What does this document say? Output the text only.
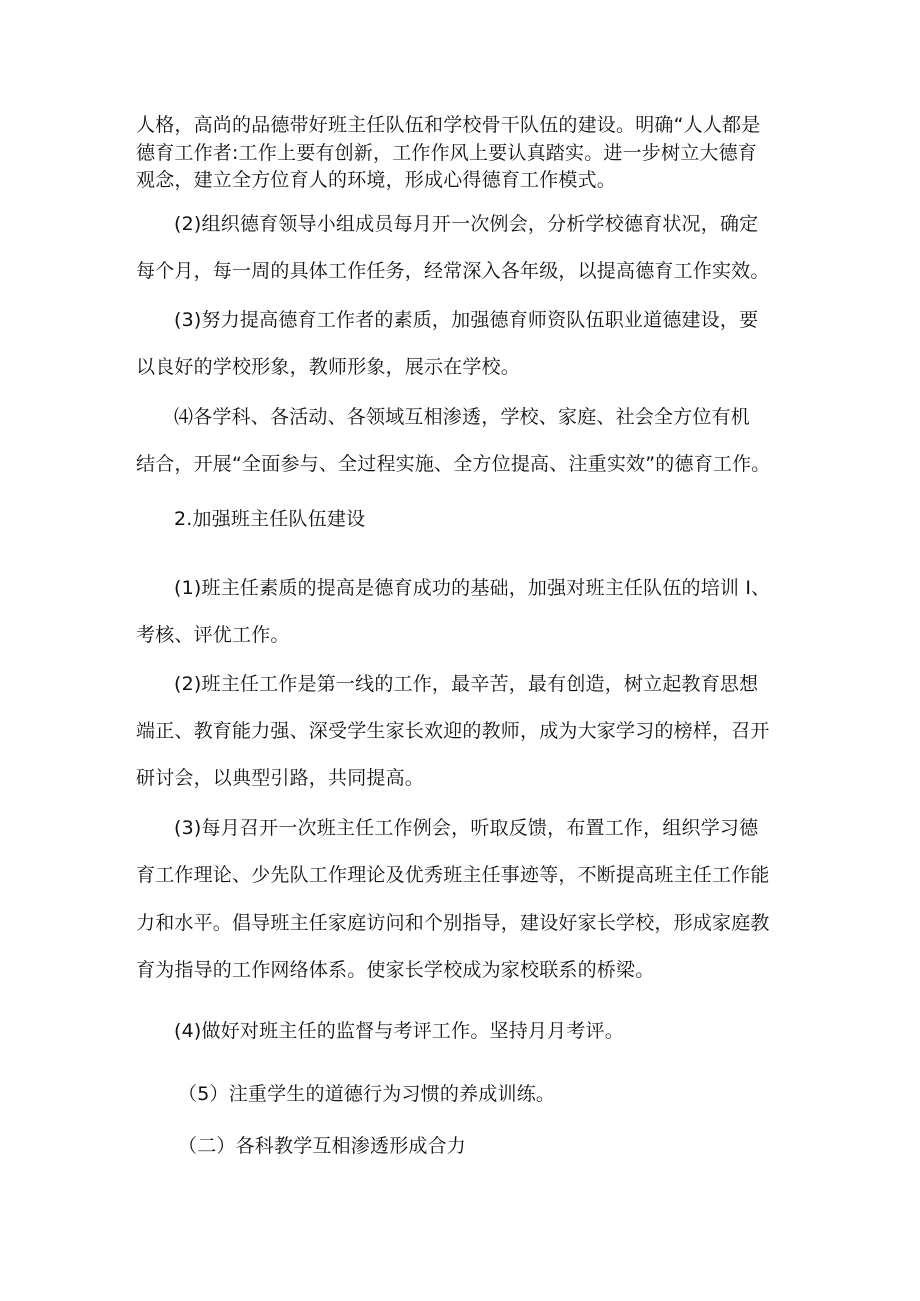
人格，高尚的品德带好班主任队伍和学校骨干队伍的建设。明确“人人都是
德育工作者:工作上要有创新，工作作风上要认真踏实。进一步树立大德育
观念，建立全方位育人的环境，形成心得德育工作模式。
(2)组织德育领导小组成员每月开一次例会，分析学校德育状况，确定
每个月，每一周的具体工作任务，经常深入各年级，以提高德育工作实效。
(3)努力提高德育工作者的素质，加强德育师资队伍职业道德建设，要
以良好的学校形象，教师形象，展示在学校。
⑷各学科、各活动、各领域互相渗透，学校、家庭、社会全方位有机
结合，开展“全面参与、全过程实施、全方位提高、注重实效”的德育工作。
2.加强班主任队伍建设
(1)班主任素质的提高是德育成功的基础，加强对班主任队伍的培训 I、
考核、评优工作。
(2)班主任工作是第一线的工作，最辛苦，最有创造，树立起教育思想
端正、教育能力强、深受学生家长欢迎的教师，成为大家学习的榜样，召开
研讨会，以典型引路，共同提高。
(3)每月召开一次班主任工作例会，听取反馈，布置工作，组织学习德
育工作理论、少先队工作理论及优秀班主任事迹等，不断提高班主任工作能
力和水平。倡导班主任家庭访问和个别指导，建设好家长学校，形成家庭教
育为指导的工作网络体系。使家长学校成为家校联系的桥梁。
(4)做好对班主任的监督与考评工作。坚持月月考评。
（5）注重学生的道德行为习惯的养成训练。
（二）各科教学互相渗透形成合力
